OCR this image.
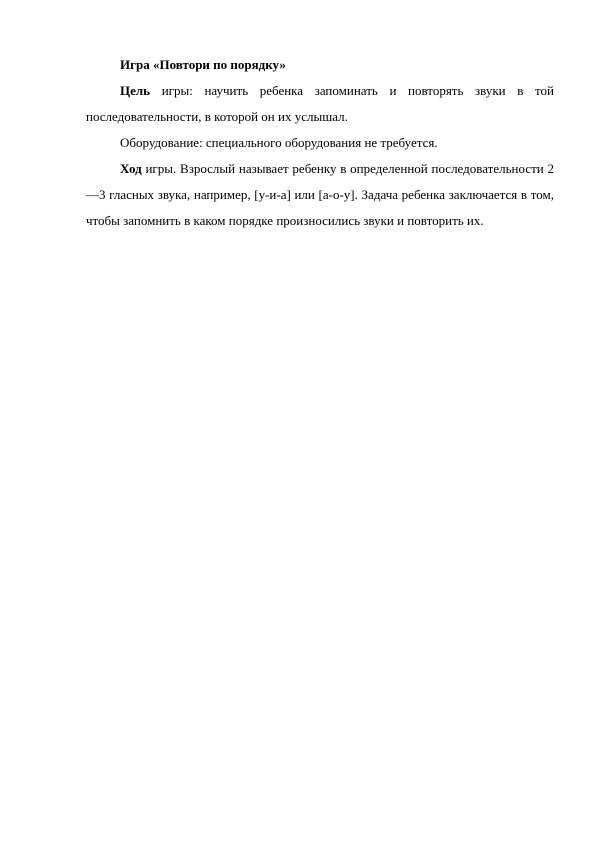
Игра «Повтори по порядку»

Цель игры: научить ребенка запоминать и повторять звуки в той последовательности, в которой он их услышал.

Оборудование: специального оборудования не требуется.

Ход игры. Взрослый называет ребенку в определенной последовательности 2—3 гласных звука, например, [у-и-а] или [а-о-у]. Задача ребенка заключается в том, чтобы запомнить в каком порядке произносились звуки и повторить их.
